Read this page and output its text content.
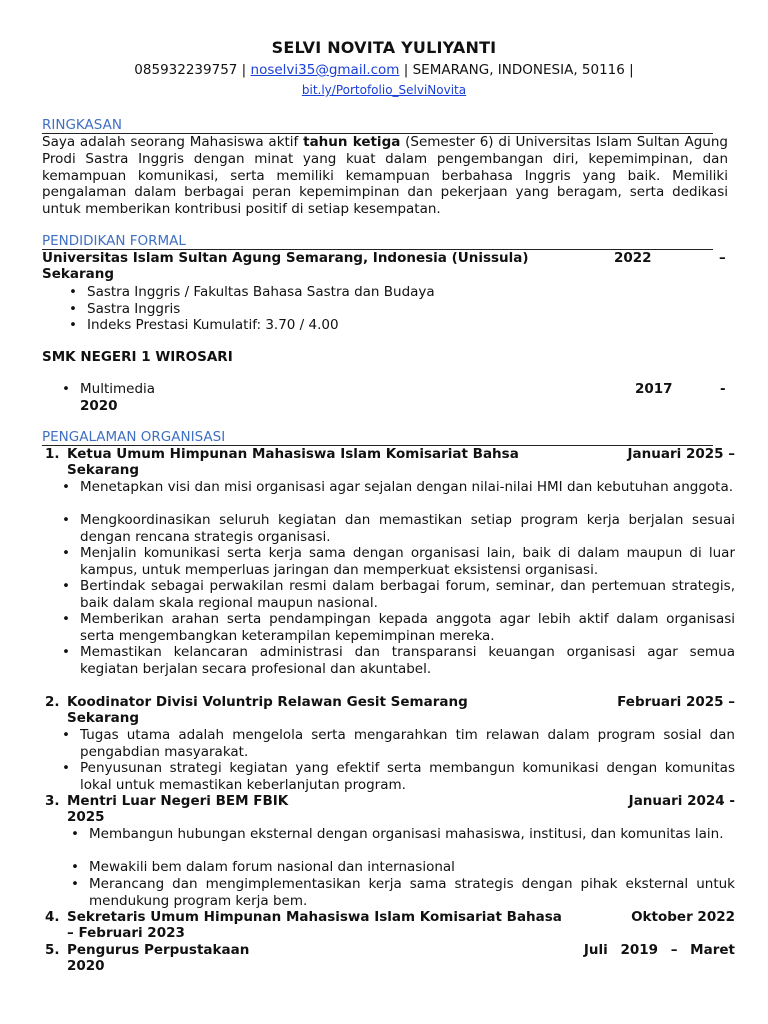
SELVI NOVITA YULIYANTI
085932239757 | noselvi35@gmail.com | SEMARANG, INDONESIA, 50116 |
bit.ly/Portofolio_SelviNovita
RINGKASAN
Saya adalah seorang Mahasiswa aktif tahun ketiga (Semester 6) di Universitas Islam Sultan Agung Prodi Sastra Inggris dengan minat yang kuat dalam pengembangan diri, kepemimpinan, dan kemampuan komunikasi, serta memiliki kemampuan berbahasa Inggris yang baik. Memiliki pengalaman dalam berbagai peran kepemimpinan dan pekerjaan yang beragam, serta dedikasi untuk memberikan kontribusi positif di setiap kesempatan.
PENDIDIKAN FORMAL
Universitas Islam Sultan Agung Semarang, Indonesia (Unissula)	2022	–
Sekarang
• Sastra Inggris / Fakultas Bahasa Sastra dan Budaya
• Sastra Inggris
• Indeks Prestasi Kumulatif: 3.70 / 4.00
SMK NEGERI 1 WIROSARI
• Multimedia	2017	-
2020
PENGALAMAN ORGANISASI
1. Ketua Umum Himpunan Mahasiswa Islam Komisariat Bahsa	Januari 2025 –
Sekarang
• Menetapkan visi dan misi organisasi agar sejalan dengan nilai-nilai HMI dan kebutuhan anggota.
• Mengkoordinasikan seluruh kegiatan dan memastikan setiap program kerja berjalan sesuai dengan rencana strategis organisasi.
• Menjalin komunikasi serta kerja sama dengan organisasi lain, baik di dalam maupun di luar kampus, untuk memperluas jaringan dan memperkuat eksistensi organisasi.
• Bertindak sebagai perwakilan resmi dalam berbagai forum, seminar, dan pertemuan strategis, baik dalam skala regional maupun nasional.
• Memberikan arahan serta pendampingan kepada anggota agar lebih aktif dalam organisasi serta mengembangkan keterampilan kepemimpinan mereka.
• Memastikan kelancaran administrasi dan transparansi keuangan organisasi agar semua kegiatan berjalan secara profesional dan akuntabel.
2. Koodinator Divisi Voluntrip Relawan Gesit Semarang	Februari 2025 –
Sekarang
• Tugas utama adalah mengelola serta mengarahkan tim relawan dalam program sosial dan pengabdian masyarakat.
• Penyusunan strategi kegiatan yang efektif serta membangun komunikasi dengan komunitas lokal untuk memastikan keberlanjutan program.
3. Mentri Luar Negeri BEM FBIK	Januari 2024 -
2025
• Membangun hubungan eksternal dengan organisasi mahasiswa, institusi, dan komunitas lain.
• Mewakili bem dalam forum nasional dan internasional
• Merancang dan mengimplementasikan kerja sama strategis dengan pihak eksternal untuk mendukung program kerja bem.
4. Sekretaris Umum Himpunan Mahasiswa Islam Komisariat Bahasa	Oktober 2022
– Februari 2023
5. Pengurus Perpustakaan	Juli 2019 – Maret
2020
